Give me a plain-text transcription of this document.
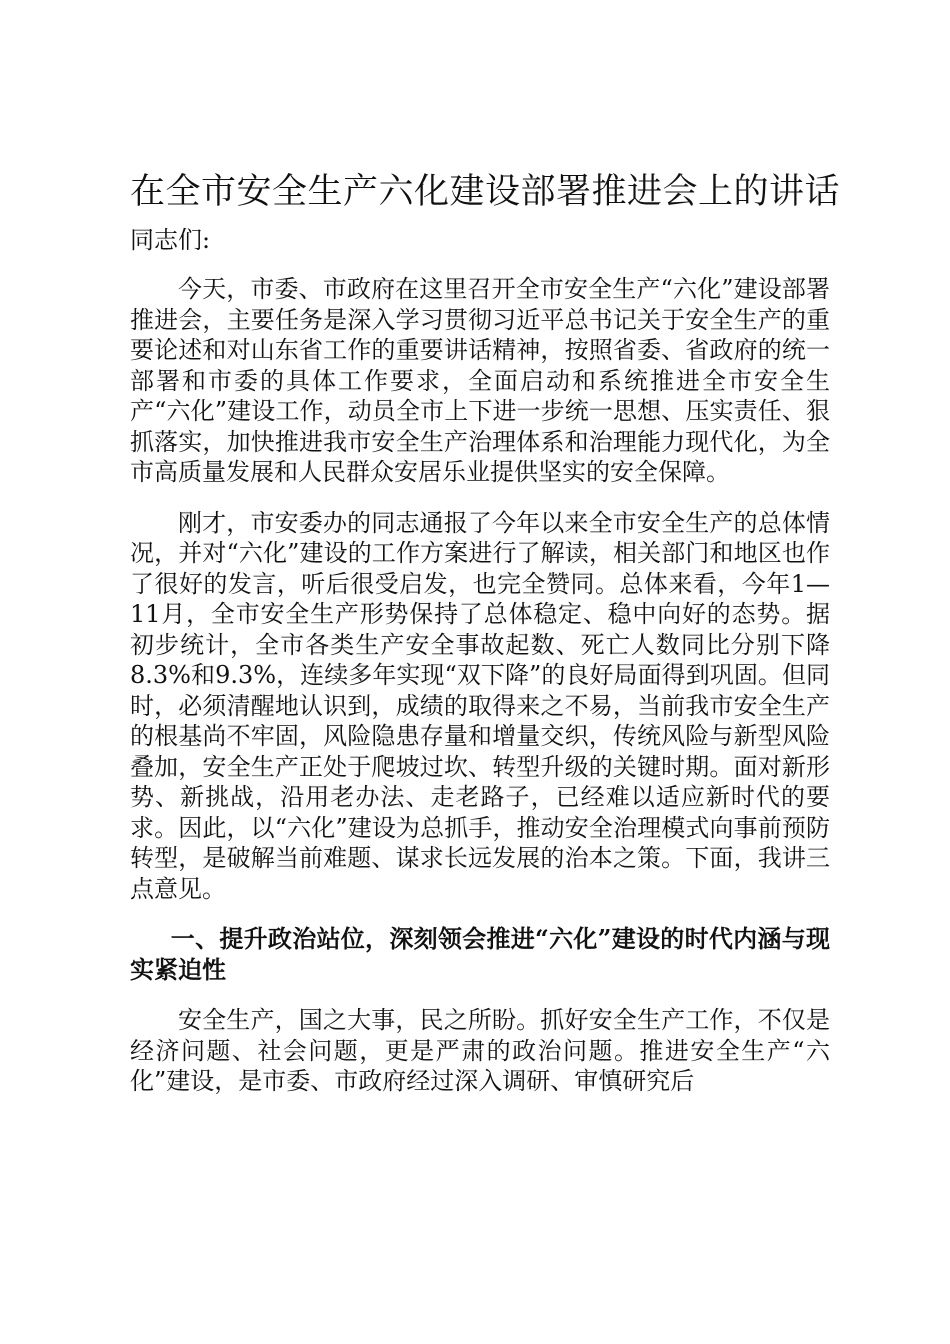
在全市安全生产六化建设部署推进会上的讲话

同志们:

今天，市委、市政府在这里召开全市安全生产“六化”建设部署推进会，主要任务是深入学习贯彻习近平总书记关于安全生产的重要论述和对山东省工作的重要讲话精神，按照省委、省政府的统一部署和市委的具体工作要求，全面启动和系统推进全市安全生产“六化”建设工作，动员全市上下进一步统一思想、压实责任、狠抓落实，加快推进我市安全生产治理体系和治理能力现代化，为全市高质量发展和人民群众安居乐业提供坚实的安全保障。

刚才，市安委办的同志通报了今年以来全市安全生产的总体情况，并对“六化”建设的工作方案进行了解读，相关部门和地区也作了很好的发言，听后很受启发，也完全赞同。总体来看，今年1—11月，全市安全生产形势保持了总体稳定、稳中向好的态势。据初步统计，全市各类生产安全事故起数、死亡人数同比分别下降8.3%和9.3%，连续多年实现“双下降”的良好局面得到巩固。但同时，必须清醒地认识到，成绩的取得来之不易，当前我市安全生产的根基尚不牢固，风险隐患存量和增量交织，传统风险与新型风险叠加，安全生产正处于爬坡过坎、转型升级的关键时期。面对新形势、新挑战，沿用老办法、走老路子，已经难以适应新时代的要求。因此，以“六化”建设为总抓手，推动安全治理模式向事前预防转型，是破解当前难题、谋求长远发展的治本之策。下面，我讲三点意见。

一、提升政治站位，深刻领会推进“六化”建设的时代内涵与现实紧迫性

安全生产，国之大事，民之所盼。抓好安全生产工作，不仅是经济问题、社会问题，更是严肃的政治问题。推进安全生产“六化”建设，是市委、市政府经过深入调研、审慎研究后
